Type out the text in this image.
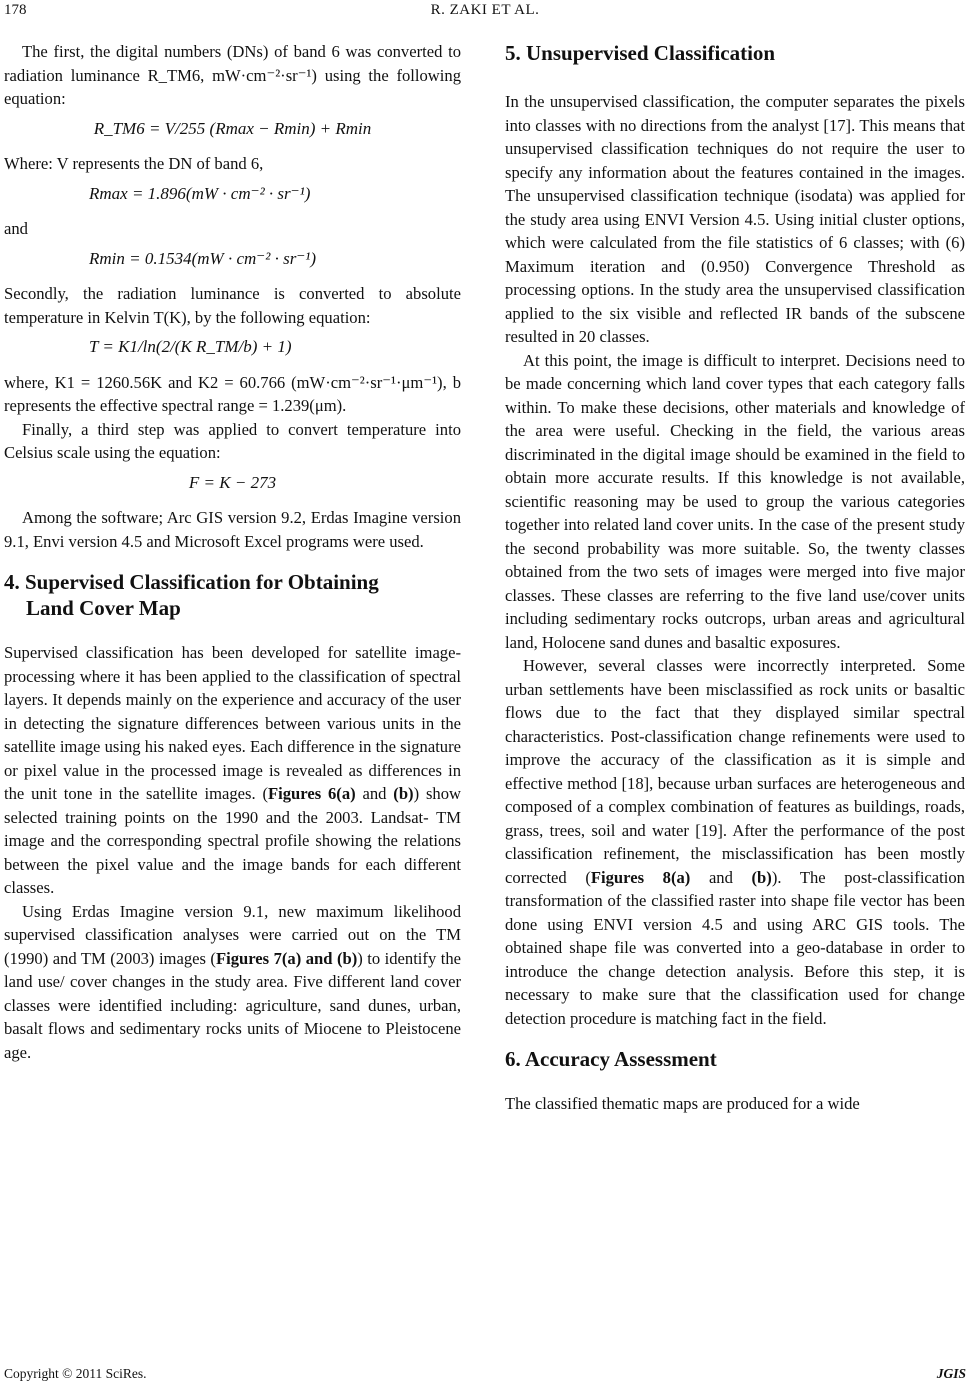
178	R. ZAKI ET AL.

The first, the digital numbers (DNs) of band 6 was converted to radiation luminance R_TM6, mW·cm⁻²·sr⁻¹) using the following equation:

R_TM6 = V/255 (Rmax − Rmin) + Rmin

Where: V represents the DN of band 6,

Rmax = 1.896(mW · cm⁻² · sr⁻¹)

and

Rmin = 0.1534(mW · cm⁻² · sr⁻¹)

Secondly, the radiation luminance is converted to absolute temperature in Kelvin T(K), by the following equation:

T = K1/ln(2/(K R_TM/b) + 1)

where, K1 = 1260.56K and K2 = 60.766 (mW·cm⁻²·sr⁻¹·μm⁻¹), b represents the effective spectral range = 1.239(μm).

Finally, a third step was applied to convert temperature into Celsius scale using the equation:

F = K − 273

Among the software; Arc GIS version 9.2, Erdas Imagine version 9.1, Envi version 4.5 and Microsoft Excel programs were used.

4. Supervised Classification for Obtaining
Land Cover Map

Supervised classification has been developed for satellite image-processing where it has been applied to the classification of spectral layers. It depends mainly on the experience and accuracy of the user in detecting the signature differences between various units in the satellite image using his naked eyes. Each difference in the signature or pixel value in the processed image is revealed as differences in the unit tone in the satellite images. (Figures 6(a) and (b)) show selected training points on the 1990 and the 2003. Landsat- TM image and the corresponding spectral profile showing the relations between the pixel value and the image bands for each different classes.

Using Erdas Imagine version 9.1, new maximum likelihood supervised classification analyses were carried out on the TM (1990) and TM (2003) images (Figures 7(a) and (b)) to identify the land use/ cover changes in the study area. Five different land cover classes were identified including: agriculture, sand dunes, urban, basalt flows and sedimentary rocks units of Miocene to Pleistocene age.

5. Unsupervised Classification

In the unsupervised classification, the computer separates the pixels into classes with no directions from the analyst [17]. This means that unsupervised classification techniques do not require the user to specify any information about the features contained in the images. The unsupervised classification technique (isodata) was applied for the study area using ENVI Version 4.5. Using initial cluster options, which were calculated from the file statistics of 6 classes; with (6) Maximum iteration and (0.950) Convergence Threshold as processing options. In the study area the unsupervised classification applied to the six visible and reflected IR bands of the subscene resulted in 20 classes.

At this point, the image is difficult to interpret. Decisions need to be made concerning which land cover types that each category falls within. To make these decisions, other materials and knowledge of the area were useful. Checking in the field, the various areas discriminated in the digital image should be examined in the field to obtain more accurate results. If this knowledge is not available, scientific reasoning may be used to group the various categories together into related land cover units. In the case of the present study the second probability was more suitable. So, the twenty classes obtained from the two sets of images were merged into five major classes. These classes are referring to the five land use/cover units including sedimentary rocks outcrops, urban areas and agricultural land, Holocene sand dunes and basaltic exposures.

However, several classes were incorrectly interpreted. Some urban settlements have been misclassified as rock units or basaltic flows due to the fact that they displayed similar spectral characteristics. Post-classification change refinements were used to improve the accuracy of the classification as it is simple and effective method [18], because urban surfaces are heterogeneous and composed of a complex combination of features as buildings, roads, grass, trees, soil and water [19]. After the performance of the post classification refinement, the misclassification has been mostly corrected (Figures 8(a) and (b)). The post-classification transformation of the classified raster into shape file vector has been done using ENVI version 4.5 and using ARC GIS tools. The obtained shape file was converted into a geo-database in order to introduce the change detection analysis. Before this step, it is necessary to make sure that the classification used for change detection procedure is matching fact in the field.

6. Accuracy Assessment

The classified thematic maps are produced for a wide

Copyright © 2011 SciRes.	JGIS
